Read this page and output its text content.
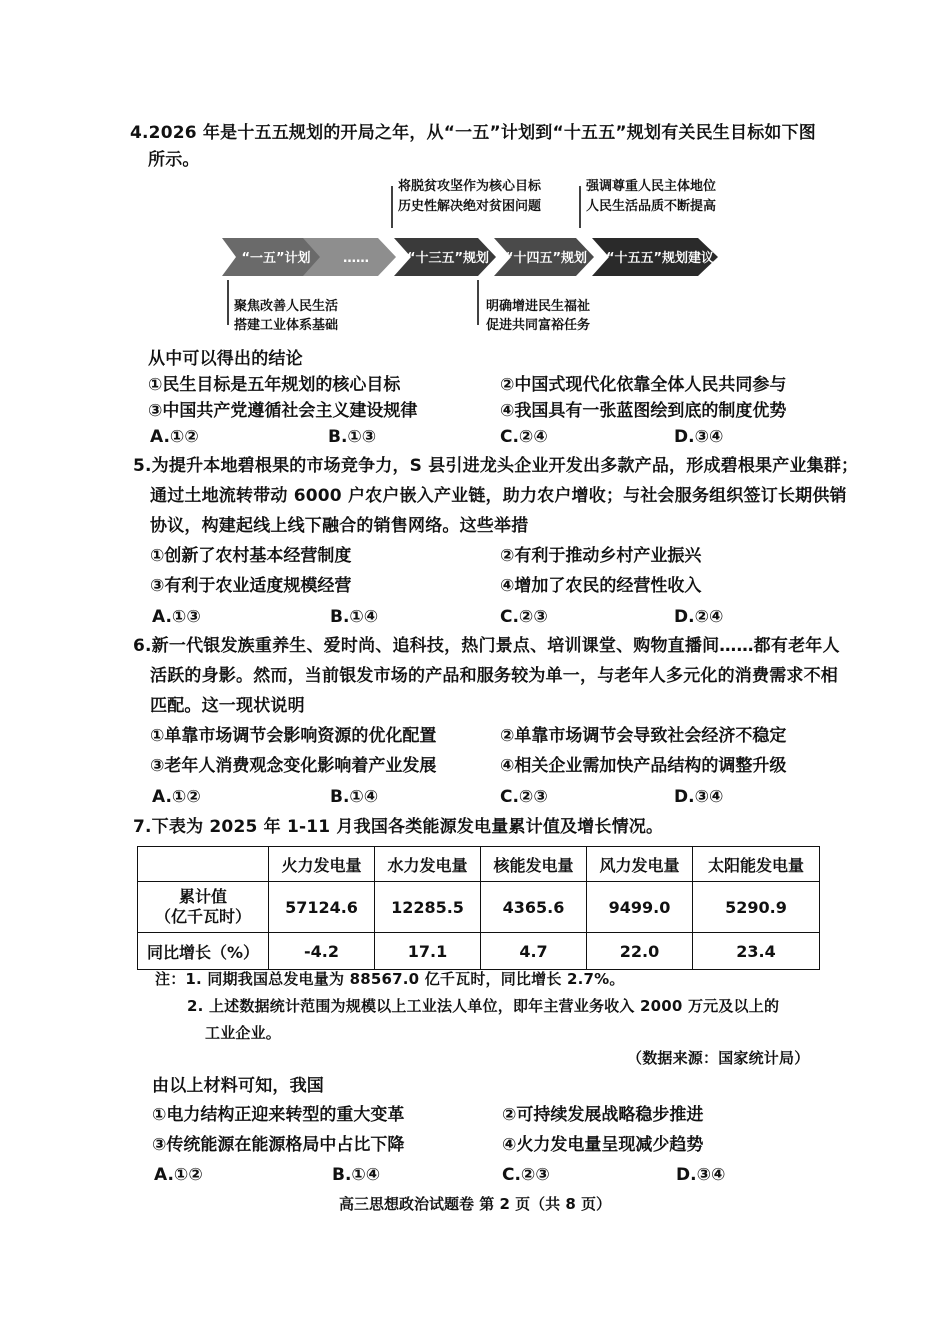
4.2026 年是十五五规划的开局之年，从“一五”计划到“十五五”规划有关民生目标如下图
所示。
将脱贫攻坚作为核心目标
历史性解决绝对贫困问题
强调尊重人民主体地位
人民生活品质不断提高
聚焦改善人民生活
搭建工业体系基础
明确增进民生福祉
促进共同富裕任务
“一五”计划 ……	“十三五”规划 “十四五”规划 “十五五”规划建议
从中可以得出的结论
①民生目标是五年规划的核心目标	②中国式现代化依靠全体人民共同参与
③中国共产党遵循社会主义建设规律	④我国具有一张蓝图绘到底的制度优势
A.①②	B.①③	C.②④	D.③④
5.为提升本地碧根果的市场竞争力，S 县引进龙头企业开发出多款产品，形成碧根果产业集群；
通过土地流转带动 6000 户农户嵌入产业链，助力农户增收；与社会服务组织签订长期供销
协议，构建起线上线下融合的销售网络。这些举措
①创新了农村基本经营制度	②有利于推动乡村产业振兴
③有利于农业适度规模经营	④增加了农民的经营性收入
A.①③	B.①④	C.②③	D.②④
6.新一代银发族重养生、爱时尚、追科技，热门景点、培训课堂、购物直播间……都有老年人
活跃的身影。然而，当前银发市场的产品和服务较为单一，与老年人多元化的消费需求不相
匹配。这一现状说明
①单靠市场调节会影响资源的优化配置	②单靠市场调节会导致社会经济不稳定
③老年人消费观念变化影响着产业发展	④相关企业需加快产品结构的调整升级
A.①②	B.①④	C.②③	D.③④
7.下表为 2025 年 1-11 月我国各类能源发电量累计值及增长情况。
	火力发电量	水力发电量	核能发电量	风力发电量	太阳能发电量

累计值
（亿千瓦时）	57124.6	12285.5	4365.6	9499.0	5290.9
同比增长（%）	-4.2	17.1	4.7	22.0	23.4
注：1. 同期我国总发电量为 88567.0 亿千瓦时，同比增长 2.7%。
2. 上述数据统计范围为规模以上工业法人单位，即年主营业务收入 2000 万元及以上的
工业企业。
（数据来源：国家统计局）
由以上材料可知，我国
①电力结构正迎来转型的重大变革	②可持续发展战略稳步推进
③传统能源在能源格局中占比下降	④火力发电量呈现减少趋势
A.①②	B.①④	C.②③	D.③④
高三思想政治试题卷 第 2 页（共 8 页）
